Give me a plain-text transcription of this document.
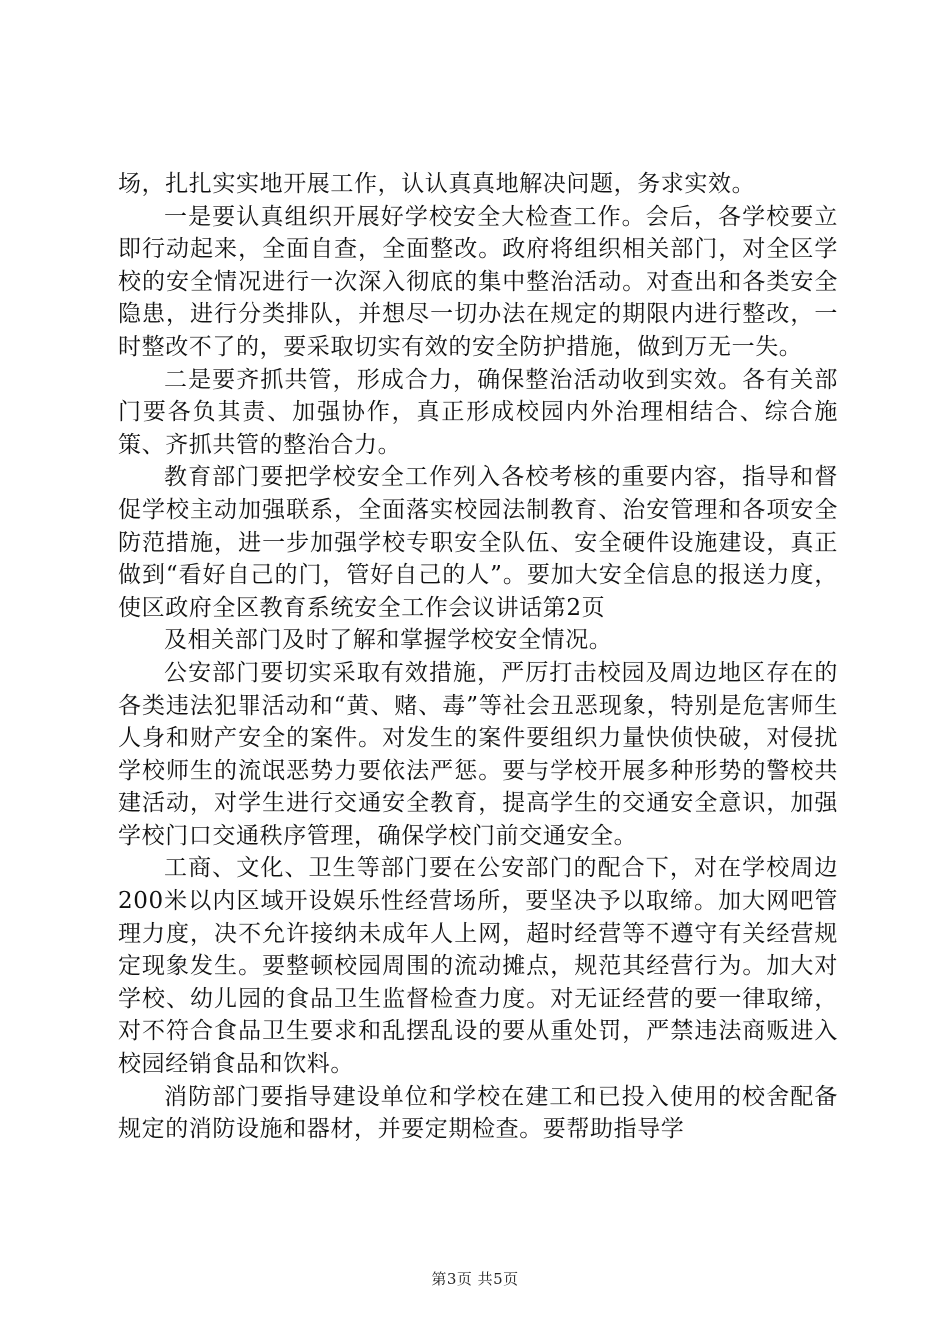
场，扎扎实实地开展工作，认认真真地解决问题，务求实效。

一是要认真组织开展好学校安全大检查工作。会后，各学校要立即行动起来，全面自查，全面整改。政府将组织相关部门，对全区学校的安全情况进行一次深入彻底的集中整治活动。对查出和各类安全隐患，进行分类排队，并想尽一切办法在规定的期限内进行整改，一时整改不了的，要采取切实有效的安全防护措施，做到万无一失。

二是要齐抓共管，形成合力，确保整治活动收到实效。各有关部门要各负其责、加强协作，真正形成校园内外治理相结合、综合施策、齐抓共管的整治合力。

教育部门要把学校安全工作列入各校考核的重要内容，指导和督促学校主动加强联系，全面落实校园法制教育、治安管理和各项安全防范措施，进一步加强学校专职安全队伍、安全硬件设施建设，真正做到“看好自己的门，管好自己的人”。要加大安全信息的报送力度，使区政府全区教育系统安全工作会议讲话第2页

及相关部门及时了解和掌握学校安全情况。

公安部门要切实采取有效措施，严厉打击校园及周边地区存在的各类违法犯罪活动和“黄、赌、毒”等社会丑恶现象，特别是危害师生人身和财产安全的案件。对发生的案件要组织力量快侦快破，对侵扰学校师生的流氓恶势力要依法严惩。要与学校开展多种形势的警校共建活动，对学生进行交通安全教育，提高学生的交通安全意识，加强学校门口交通秩序管理，确保学校门前交通安全。

工商、文化、卫生等部门要在公安部门的配合下，对在学校周边200米以内区域开设娱乐性经营场所，要坚决予以取缔。加大网吧管理力度，决不允许接纳未成年人上网，超时经营等不遵守有关经营规定现象发生。要整顿校园周围的流动摊点，规范其经营行为。加大对学校、幼儿园的食品卫生监督检查力度。对无证经营的要一律取缔，对不符合食品卫生要求和乱摆乱设的要从重处罚，严禁违法商贩进入校园经销食品和饮料。

消防部门要指导建设单位和学校在建工和已投入使用的校舍配备规定的消防设施和器材，并要定期检查。要帮助指导学

第3页 共5页
